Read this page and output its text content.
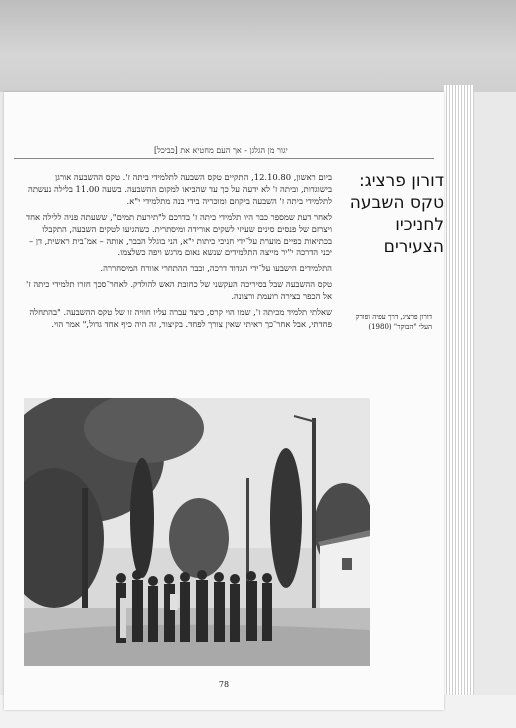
יגור מן הגלגן - אך העם מחטיא את [כביכל]
דורון פרציג:
טקס השבעה
לחניכיו
הצעירים

ביום ראשון, 12.10.80, התקיים טקס השבעה לתלמידי ביתה ז'. טקס ההשבעה אורגן בישוגדות, וביתה ז' לא ידעה על כך עד שהביאו למקום ההשבעה. בשעה 11.00 בלילה נעשתה לתלמידי ביתה ז' השבעה ביקוזם ומוכריה בידי בנה מתלמידי י"א.

לאחר דעת שמספר כבר היו תלמידי כיתה ז' בדרכם ל"תירעת תמים", ששעתה פניה ללילה אחד ויצרזם של פנסים סינים שעיזי לשקים אורידה ומיסתרית. כשהגיעו לטקים השבעה, התקבלו בכתיאות כפיים מוערת על־ידי חניכי כיתות י"א, הני בוגלל הבבר, אותה – אמ־בית ראשית, דן – יכני הדרכה י"יר מייצה התלמידים שנשא נאום מרגש ויפה כשלצמו.

התלמידים הישבעו על־ידי הגדוד דרכה, וכבר ההתחרי אוורח המיסחררה.

טקס ההשבעה שבל בסיריכה העקשני של כחובת האש להולדק. לאחר־סכך חזרו תלמידי כיתה ז' אל הכפר בצירה רועמת ורצונה.

שאלתי תלמיד מכיתה ז', שמו הוי קרס, כיצד עברה עליו חוויה זו של טקס ההשבעה. "בהתחלה פחדתי, אבל אחר־כך ראיתי שאין צורך לפחד. בקיצור, זה היה כיף אחד גדול," אמר הוי.

דורון פרציג, דרך עפיה ופורק
העלי "הבוקר" (1980)
78
